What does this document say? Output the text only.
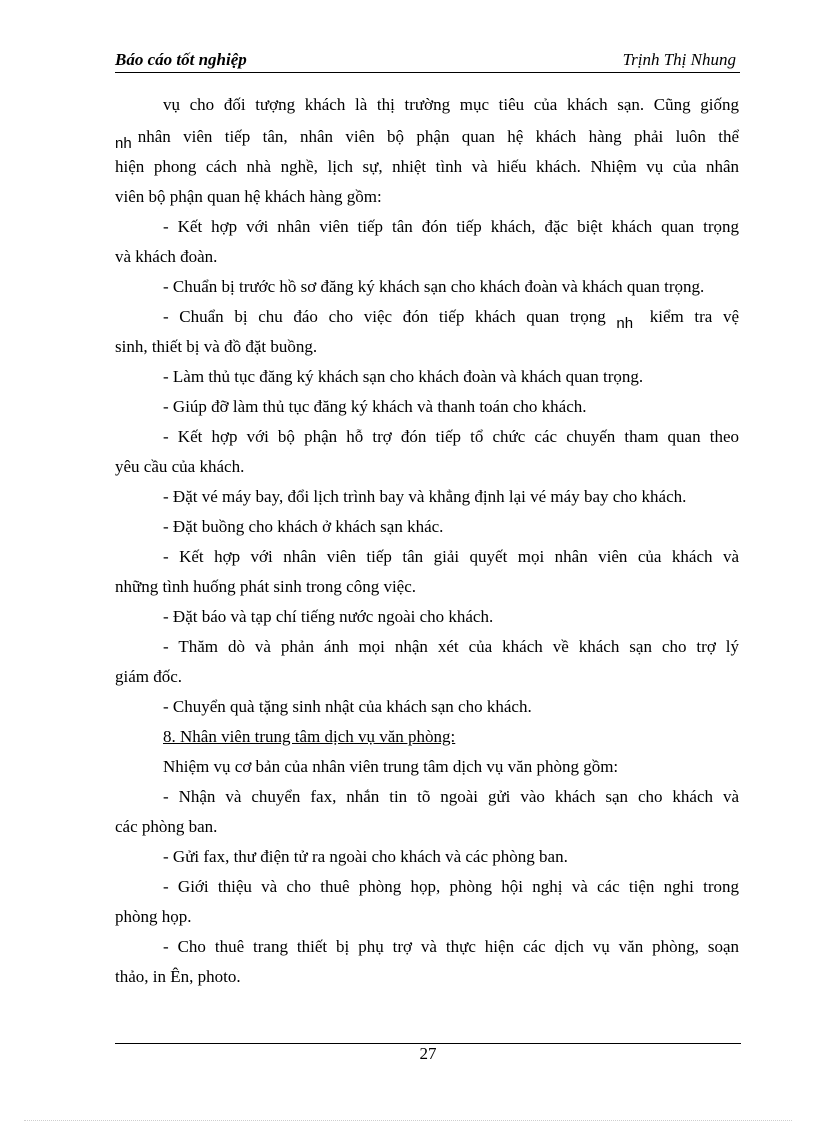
Báo cáo tốt nghiệp	Trịnh Thị Nhung
vụ cho đối tượng khách là thị trường mục tiêu của khách sạn. Cũng giống
nh nhân viên tiếp tân, nhân viên bộ phận quan hệ khách hàng phải luôn thể
hiện phong cách nhà nghề, lịch sự, nhiệt tình và hiếu khách. Nhiệm vụ của nhân
viên bộ phận quan hệ khách hàng gồm:
- Kết hợp với nhân viên tiếp tân đón tiếp khách, đặc biệt khách quan trọng
và khách đoàn.
- Chuẩn bị trước hồ sơ đăng ký khách sạn cho khách đoàn và khách quan trọng.
- Chuẩn bị chu đáo cho việc đón tiếp khách quan trọng nh kiểm tra vệ
sinh, thiết bị và đồ đặt buồng.
- Làm thủ tục đăng ký khách sạn cho khách đoàn và khách quan trọng.
- Giúp đỡ làm thủ tục đăng ký khách và thanh toán cho khách.
- Kết hợp với bộ phận hỗ trợ đón tiếp tổ chức các chuyến tham quan theo
yêu cầu của khách.
- Đặt vé máy bay, đổi lịch trình bay và khẳng định lại vé máy bay cho khách.
- Đặt buồng cho khách ở khách sạn khác.
- Kết hợp với nhân viên tiếp tân giải quyết mọi nhân viên của khách và
những tình huống phát sinh trong công việc.
- Đặt báo và tạp chí tiếng nước ngoài cho khách.
- Thăm dò và phản ánh mọi nhận xét của khách về khách sạn cho trợ lý
giám đốc.
- Chuyển quà tặng sinh nhật của khách sạn cho khách.
8. Nhân viên trung tâm dịch vụ văn phòng:
Nhiệm vụ cơ bản của nhân viên trung tâm dịch vụ văn phòng gồm:
- Nhận và chuyển fax, nhắn tin tõ ngoài gửi vào khách sạn cho khách và
các phòng ban.
- Gửi fax, thư điện tử ra ngoài cho khách và các phòng ban.
- Giới thiệu và cho thuê phòng họp, phòng hội nghị và các tiện nghi trong
phòng họp.
- Cho thuê trang thiết bị phụ trợ và thực hiện các dịch vụ văn phòng, soạn
thảo, in Ên, photo.
27
